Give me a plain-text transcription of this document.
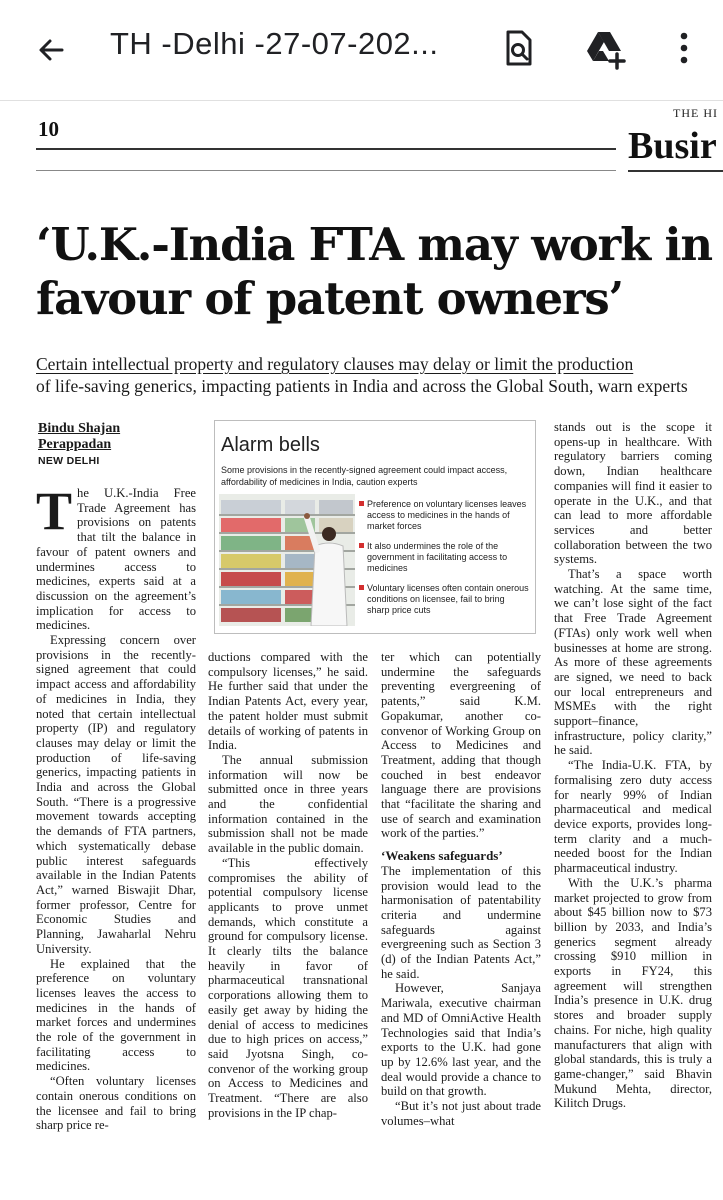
TH -Delhi -27-07-202...
10
THE HI
Busir
‘U.K.-India FTA may work in favour of patent owners’
Certain intellectual property and regulatory clauses may delay or limit the production
of life-saving generics, impacting patients in India and across the Global South, warn experts
Bindu Shajan Perappadan
NEW DELHI
Alarm bells
Some provisions in the recently-signed agreement could impact access, affordability of medicines in India, caution experts
Preference on voluntary licenses leaves access to medicines in the hands of market forces
It also undermines the role of the government in facilitating access to medicines
Voluntary licenses often contain onerous conditions on licensee, fail to bring sharp price cuts

The U.K.-India Free Trade Agreement has provisions on patents that tilt the balance in favour of patent owners and undermines access to medicines, experts said at a discussion on the agreement’s implication for access to medicines.

Expressing concern over provisions in the recently-signed agreement that could impact access and affordability of medicines in India, they noted that certain intellectual property (IP) and regulatory clauses may delay or limit the production of life-saving generics, impacting patients in India and across the Global South. “There is a progressive movement towards accepting the demands of FTA partners, which systematically debase public interest safeguards available in the Indian Patents Act,” warned Biswajit Dhar, former professor, Centre for Economic Studies and Planning, Jawaharlal Nehru University.

He explained that the preference on voluntary licenses leaves the access to medicines in the hands of market forces and undermines the role of the government in facilitating access to medicines.

“Often voluntary licenses contain onerous conditions on the licensee and fail to bring sharp price re-

ductions compared with the compulsory licenses,” he said. He further said that under the Indian Patents Act, every year, the patent holder must submit details of working of patents in India.

The annual submission information will now be submitted once in three years and the confidential information contained in the submission shall not be made available in the public domain.

“This effectively compromises the ability of potential compulsory license applicants to prove unmet demands, which constitute a ground for compulsory license. It clearly tilts the balance heavily in favor of pharmaceutical transnational corporations allowing them to easily get away by hiding the denial of access to medicines due to high prices on access,” said Jyotsna Singh, co-convenor of the working group on Access to Medicines and Treatment. “There are also provisions in the IP chap-

ter which can potentially undermine the safeguards preventing evergreening of patents,” said K.M. Gopakumar, another co-convenor of Working Group on Access to Medicines and Treatment, adding that though couched in best endeavor language there are provisions that “facilitate the sharing and use of search and examination work of the parties.”

‘Weakens safeguards’

The implementation of this provision would lead to the harmonisation of patentability criteria and undermine safeguards against evergreening such as Section 3 (d) of the Indian Patents Act,” he said.

However, Sanjaya Mariwala, executive chairman and MD of OmniActive Health Technologies said that India’s exports to the U.K. had gone up by 12.6% last year, and the deal would provide a chance to build on that growth.

“But it’s not just about trade volumes–what

stands out is the scope it opens-up in healthcare. With regulatory barriers coming down, Indian healthcare companies will find it easier to operate in the U.K., and that can lead to more affordable services and better collaboration between the two systems.

That’s a space worth watching. At the same time, we can’t lose sight of the fact that Free Trade Agreement (FTAs) only work well when businesses at home are strong. As more of these agreements are signed, we need to back our local entrepreneurs and MSMEs with the right support–finance, infrastructure, policy clarity,” he said.

“The India-U.K. FTA, by formalising zero duty access for nearly 99% of Indian pharmaceutical and medical device exports, provides long-term clarity and a much-needed boost for the Indian pharmaceutical industry.

With the U.K.’s pharma market projected to grow from about $45 billion now to $73 billion by 2033, and India’s generics segment already crossing $910 million in exports in FY24, this agreement will strengthen India’s presence in U.K. drug stores and broader supply chains. For niche, high quality manufacturers that align with global standards, this is truly a game-changer,” said Bhavin Mukund Mehta, director, Kilitch Drugs.
